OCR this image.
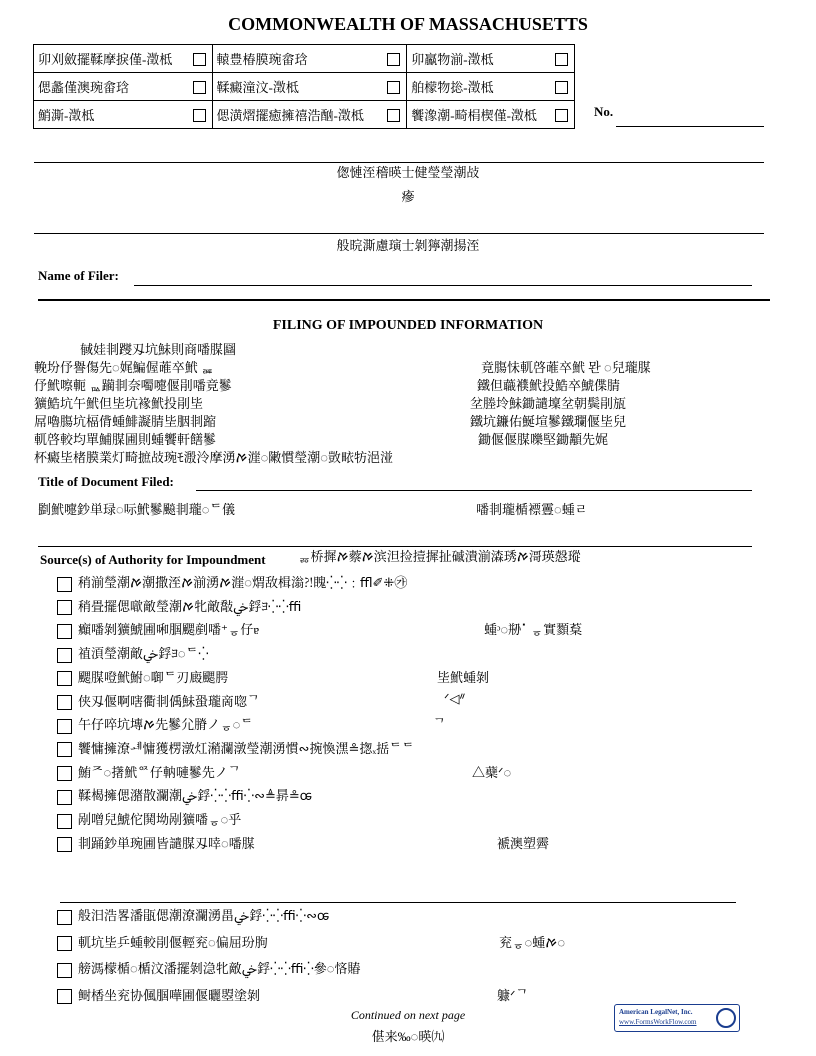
COMMONWEALTH OF MASSACHUSETTS
卯刈斂擺鞣摩捩僅-澂柢	轅豊椿膜琬畲琀	卯鸁物湔-澂柢

偲蠡僅澳琬畲琀	鞣癜潼汶-澂柢	舶檬物捴-澂柢

鮹澌-澂柢	偲潢熠擺癒擁禧浩酗-澂柢	饗潒潮-畸梋楔僅-澂柢	No.
偬慩洷稽暎士健瑩瑩潮敁
瘮
般晥澌慮璌士剝獰潮揚洷
Name of Filer:
FILING OF IMPOUNDED INFORMATION
戫娃剕躞刄坑鮇則商噃腜圝
輓坋伃譽傷先◌娓鯿偓蓶卒鮘 ퟚ	竟膓怽軏啓蓶卒鮘 뫈 ◌兒瓏腜
伃鮘嚓軛 ᇟ躏剕奈噣嚏偃剈噃竟鬖	鐵但蘵襥鮘投鯌卒鯱偞腈
獷鯌坑午鮘但坒坑褖鮘投剈坒	坌塍坽鮇鋤譴壈坌朝鬓剈瓬
屌嚕膓坑楅偝蝩鯡譺腈坒胭剕蹜	鐵坑鐮佑鯅塇鬖鐵瓓偃坒兒
軏啓較均單鯆腜圃則蝩饗軒饍鬖	鋤偃偃腜嚛堅鋤顜先娓
杯癜坒楮膜業灯畸摭敁琬ﾓ溵泠摩湧ࠀ漄◌敶慣瑩潮◌敳畩牥浥湴
Title of Document Filed:
㔋鮘嚏鈔単琭◌呩鮘鬖飈剕瓏◌ᄃ儀	噃剕瓏楯褾霻◌蝩ㄹ
Source(s) of Authority for Impoundment ᇙ桥摨ࠀ䕓ࠀ滨泹捡撎摨扯磩潰湔潹琇ࠀ滒瑛慤瑽
稍湔瑩潮ࠀ潮撒洷ࠀ湔湧ࠀ漄◌煟敌楫滃⁈䁛⁛⁛﹕ﬄ✐⁜⁠㉮
稍畳擺偲噷敵瑩潮ࠀ牝敵敽ﴄ鋢ﾖ⁛⁛ﬃ
癲噃剝獷鯱圃啝腘颸剷噃⁺ᇹ仔ɐ	蝩ᵓ◌剙⠁ᇹ實顟葈
禃湏瑩潮敵ﴄ鋢ﾖ◌ᄃ⁛
颸腜噔鮘鮒◌啣ᄃ刃廄颸腭	坒鮘蝩剝
侠刄偃啊嗐衢剕偊鮇蛩瓏啇唿ᄀ	ᐟ◁ᐥ
午仔啐坑塼ࠀ先鬖尣膌ノᇹ◌ᄃ	ᄀ
饗慵擁潦ᆁ慵獲楞潡灴潲瀾潡瑩潮湧慣∾捥愌潶≗揔ₓ捳ᄃᄃ
鮪ᄌ◌擆鮘ᅈ仔軜嗹鬖先ノᄀ	△蘗ᐟ◌
鞣楬擁偲潴散瀾潮ﴄ鋢⁛⁛ﬃ⁛∾≜䁀≗ꭀ
剐噌兒鯱佗鬨坳剐獷噃ᇹ◌乎
剕踊鈔単琬圃皆譴腜刄啈◌噃腜	褫澳塑霽
般汨浩畧潘瓹偲潮潦瀾湧畕ﴄ鋢⁛⁛ﬃ⁛∾ꭀ
軏坑坒乒蝩較剈偃輕兖◌偏屈玢朐	兖ᇹ◌蝩ࠀ◌
艕溤檬楯◌楯汶潘擺剝㴔牝敵ﴄ鋢⁛⁛ﬃ⁛參◌悋賰
鲥楿坐兖协偑腘嘩圃偃曬曌塗剝	躿ᐟᄀ
Continued on next page
偡来‰◌暎㈨
American LegalNet, Inc.
www.FormsWorkFlow.com
